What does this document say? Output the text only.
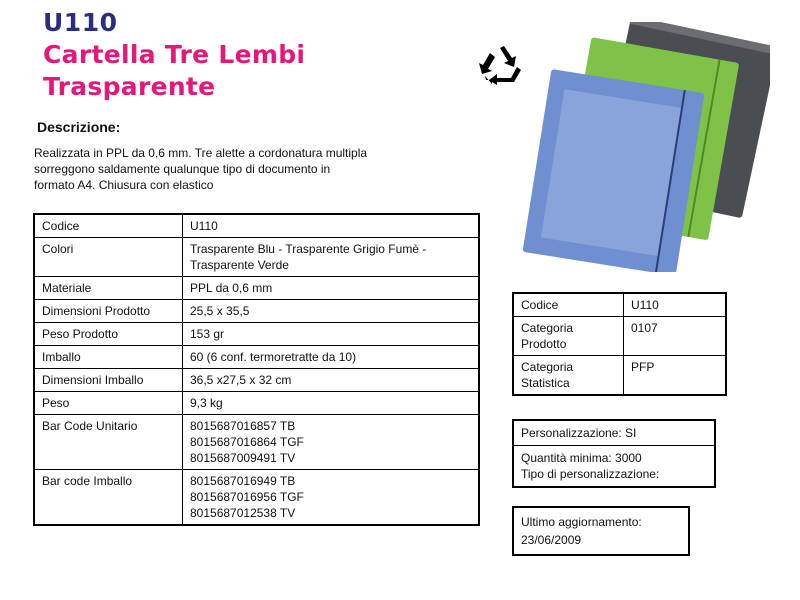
U110
Cartella Tre Lembi
Trasparente
Descrizione:
Realizzata in PPL da 0,6 mm. Tre alette a cordonatura multipla
sorreggono saldamente qualunque tipo di documento in
formato A4. Chiusura con elastico
Codice	U110

Colori	Trasparente Blu - Trasparente Grigio Fumè -
Trasparente Verde

Materiale	PPL da 0,6 mm

Dimensioni Prodotto	25,5 x 35,5

Peso Prodotto	153 gr

Imballo	60 (6 conf. termoretratte da 10)

Dimensioni Imballo	36,5 x27,5 x 32 cm

Peso	9,3 kg

Bar Code Unitario	8015687016857 TB
8015687016864 TGF
8015687009491 TV

Bar code Imballo	8015687016949 TB
8015687016956 TGF
8015687012538 TV
Codice	U110

Categoria
Prodotto	0107

Categoria
Statistica	PFP
Personalizzazione: SI
Quantità minima: 3000
Tipo di personalizzazione:
Ultimo aggiornamento:
23/06/2009
